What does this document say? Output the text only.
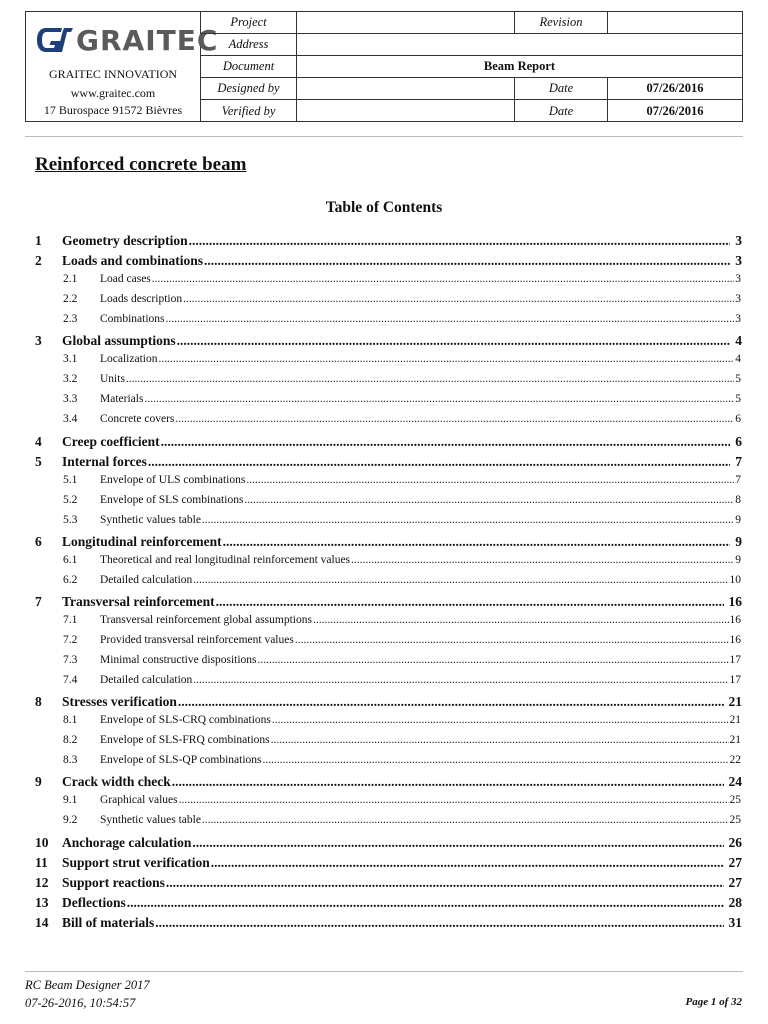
GRAITEC
GRAITEC INNOVATION
www.graitec.com
17 Burospace 91572 Bièvres
Project	Revision
Address
Document	Beam Report
Designed by	Date	07/26/2016
Verified by	Date	07/26/2016
Reinforced concrete beam
Table of Contents
1 Geometry description .....	3
2 Loads and combinations .....	3
2.1 Load cases .....	3
2.2 Loads description .....	3
2.3 Combinations .....	3
3 Global assumptions .....	4
3.1 Localization .....	4
3.2 Units .....	5
3.3 Materials .....	5
3.4 Concrete covers .....	6
4 Creep coefficient .....	6
5 Internal forces .....	7
5.1 Envelope of ULS combinations .....	7
5.2 Envelope of SLS combinations .....	8
5.3 Synthetic values table .....	9
6 Longitudinal reinforcement .....	9
6.1 Theoretical and real longitudinal reinforcement values .....	9
6.2 Detailed calculation .....	10
7 Transversal reinforcement .....	16
7.1 Transversal reinforcement global assumptions .....	16
7.2 Provided transversal reinforcement values .....	16
7.3 Minimal constructive dispositions .....	17
7.4 Detailed calculation .....	17
8 Stresses verification .....	21
8.1 Envelope of SLS-CRQ combinations .....	21
8.2 Envelope of SLS-FRQ combinations .....	21
8.3 Envelope of SLS-QP combinations .....	22
9 Crack width check .....	24
9.1 Graphical values .....	25
9.2 Synthetic values table .....	25
10 Anchorage calculation .....	26
11 Support strut verification .....	27
12 Support reactions .....	27
13 Deflections .....	28
14 Bill of materials .....	31
RC Beam Designer 2017
07-26-2016, 10:54:57	Page 1 of 32
